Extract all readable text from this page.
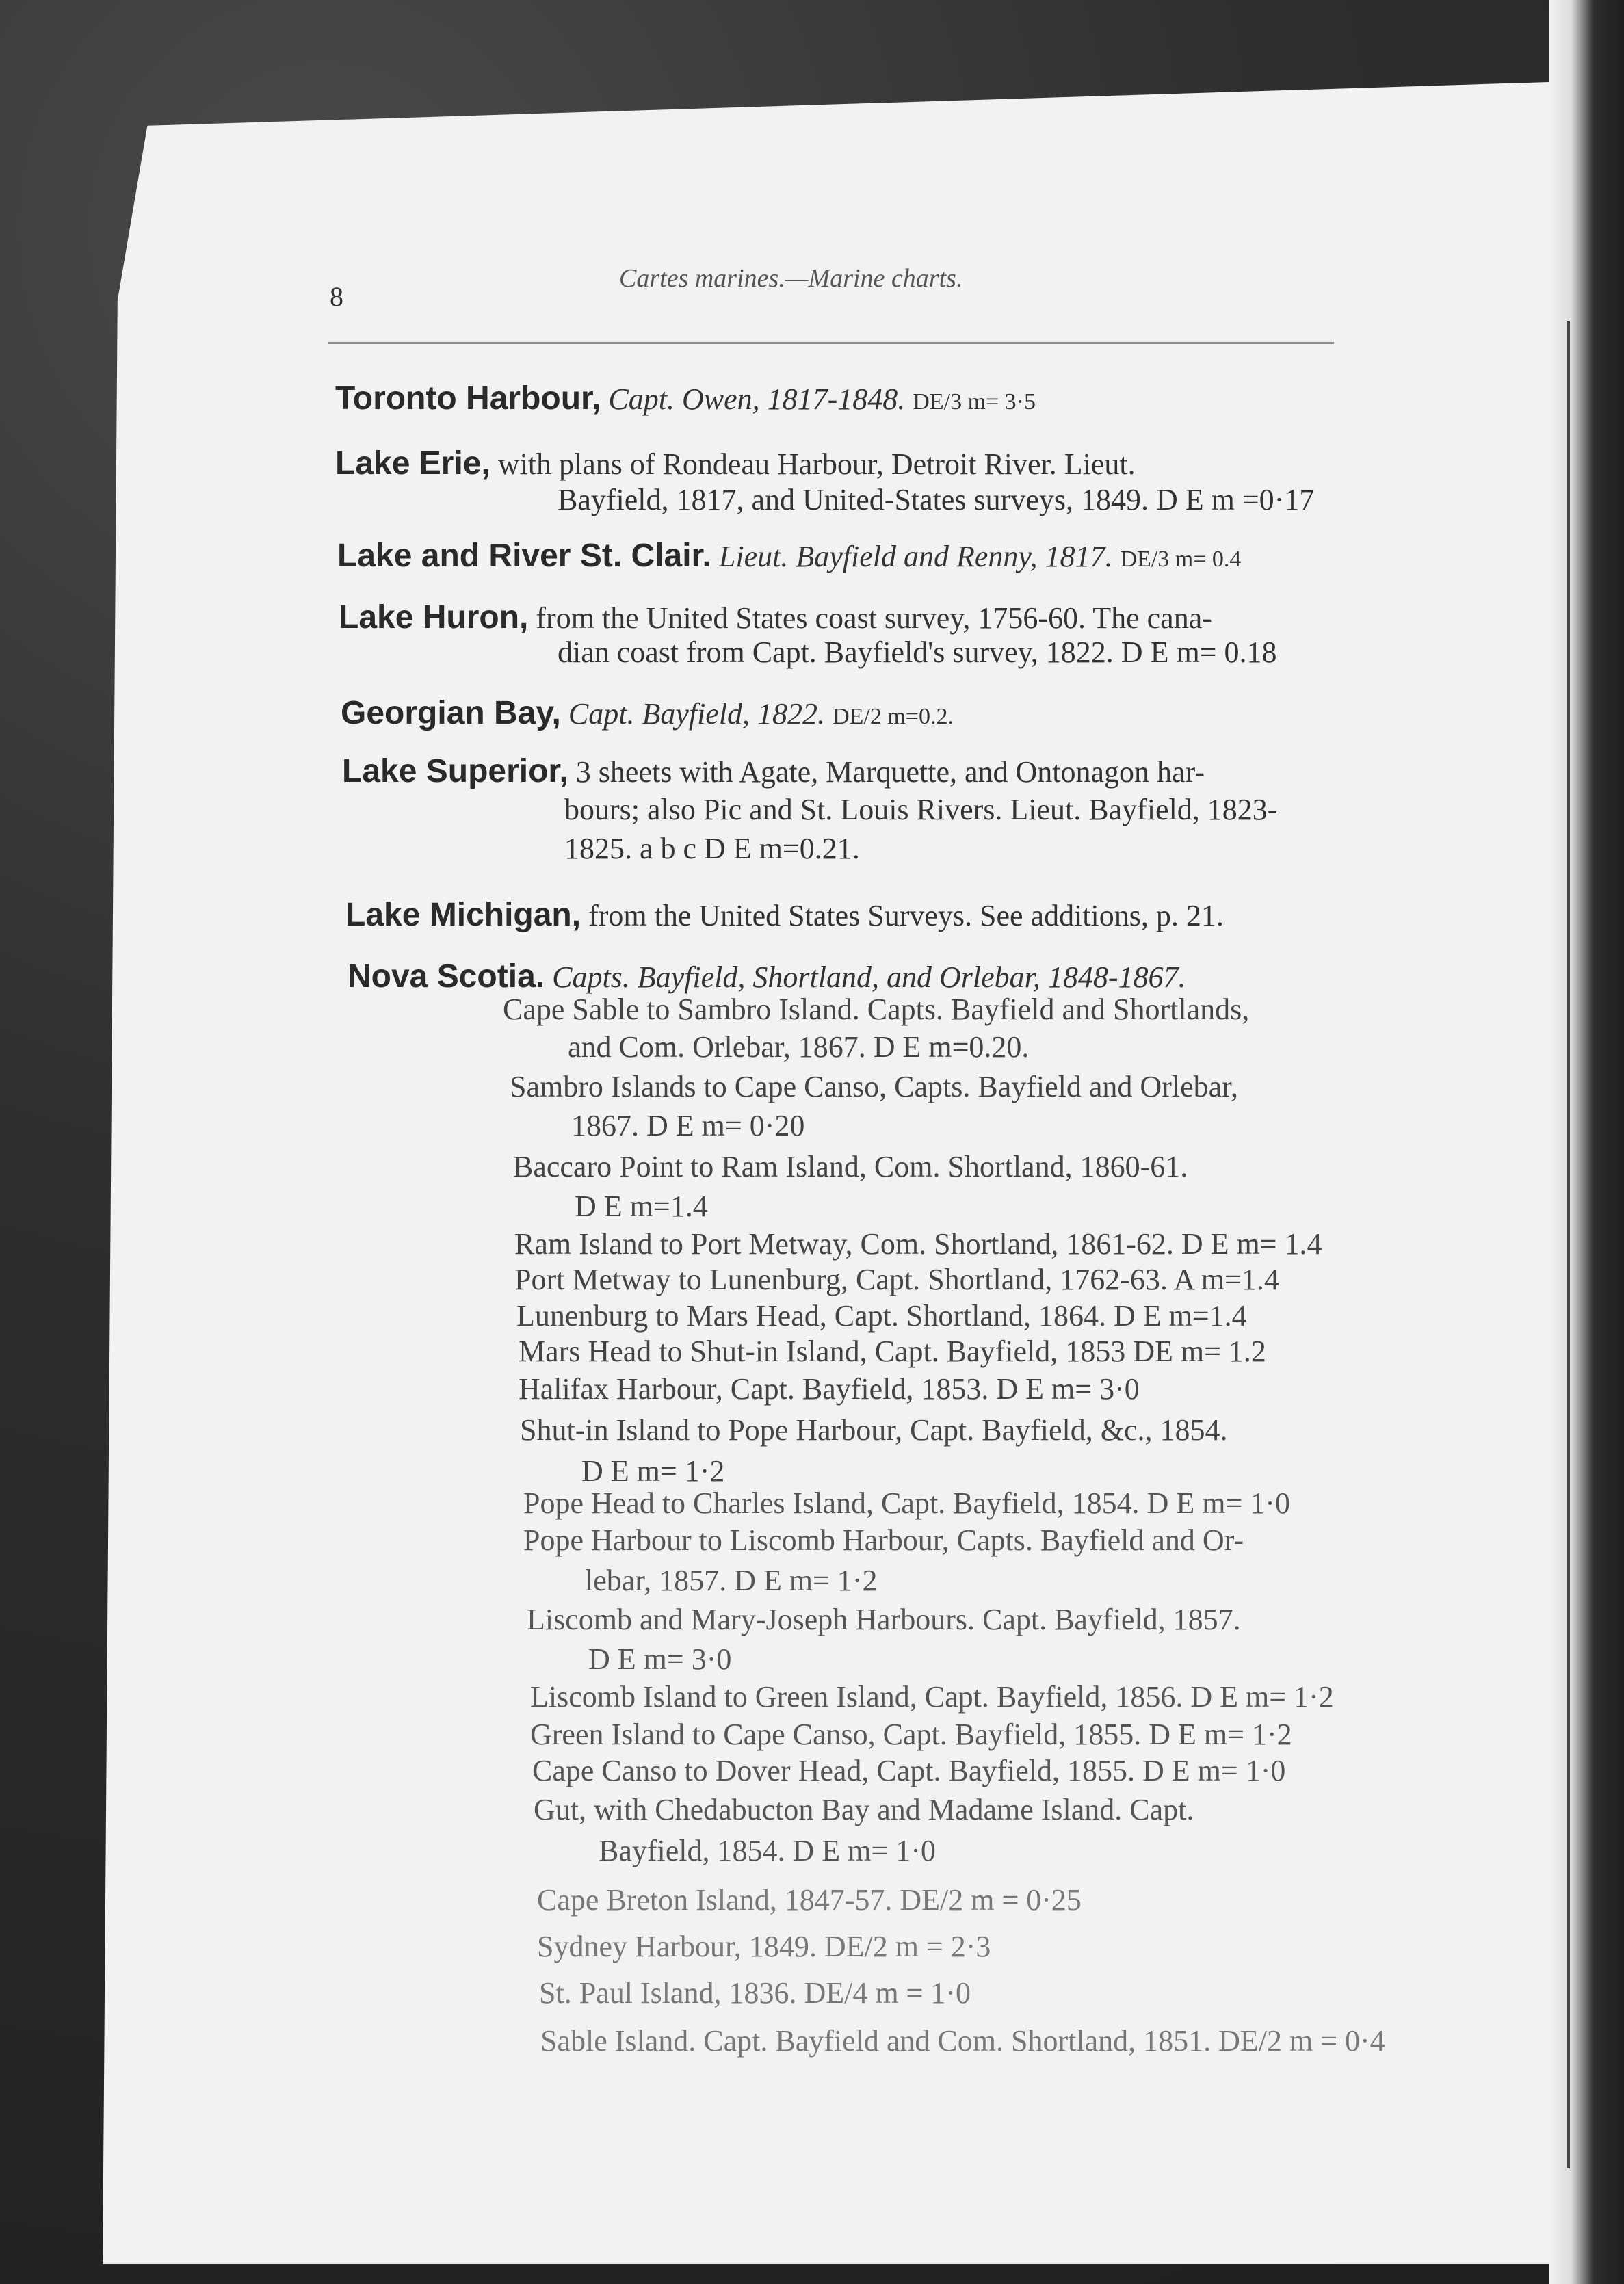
8
Cartes marines.—Marine charts.
Toronto Harbour, Capt. Owen, 1817-1848. DE/3 m= 3·5
Lake Erie, with plans of Rondeau Harbour, Detroit River. Lieut.
Bayfield, 1817, and United-States surveys, 1849. D E m =0·17
Lake and River St. Clair. Lieut. Bayfield and Renny, 1817. DE/3 m= 0.4
Lake Huron, from the United States coast survey, 1756-60. The cana-
dian coast from Capt. Bayfield's survey, 1822. D E m= 0.18
Georgian Bay, Capt. Bayfield, 1822. DE/2 m=0.2.
Lake Superior, 3 sheets with Agate, Marquette, and Ontonagon har-
bours; also Pic and St. Louis Rivers. Lieut. Bayfield, 1823-
1825. a b c D E m=0.21.
Lake Michigan, from the United States Surveys. See additions, p. 21.
Nova Scotia. Capts. Bayfield, Shortland, and Orlebar, 1848-1867.
Cape Sable to Sambro Island. Capts. Bayfield and Shortlands,
and Com. Orlebar, 1867. D E m=0.20.
Sambro Islands to Cape Canso, Capts. Bayfield and Orlebar,
1867. D E m= 0·20
Baccaro Point to Ram Island, Com. Shortland, 1860-61.
D E m=1.4
Ram Island to Port Metway, Com. Shortland, 1861-62. D E m= 1.4
Port Metway to Lunenburg, Capt. Shortland, 1762-63. A m=1.4
Lunenburg to Mars Head, Capt. Shortland, 1864. D E m=1.4
Mars Head to Shut-in Island, Capt. Bayfield, 1853 DE m= 1.2
Halifax Harbour, Capt. Bayfield, 1853. D E m= 3·0
Shut-in Island to Pope Harbour, Capt. Bayfield, &c., 1854.
D E m= 1·2
Pope Head to Charles Island, Capt. Bayfield, 1854. D E m= 1·0
Pope Harbour to Liscomb Harbour, Capts. Bayfield and Or-
lebar, 1857. D E m= 1·2
Liscomb and Mary-Joseph Harbours. Capt. Bayfield, 1857.
D E m= 3·0
Liscomb Island to Green Island, Capt. Bayfield, 1856. D E m= 1·2
Green Island to Cape Canso, Capt. Bayfield, 1855. D E m= 1·2
Cape Canso to Dover Head, Capt. Bayfield, 1855. D E m= 1·0
Gut, with Chedabucton Bay and Madame Island. Capt.
Bayfield, 1854. D E m= 1·0
Cape Breton Island, 1847-57. DE/2 m = 0·25
Sydney Harbour, 1849. DE/2 m = 2·3
St. Paul Island, 1836. DE/4 m = 1·0
Sable Island. Capt. Bayfield and Com. Shortland, 1851. DE/2 m = 0·4
